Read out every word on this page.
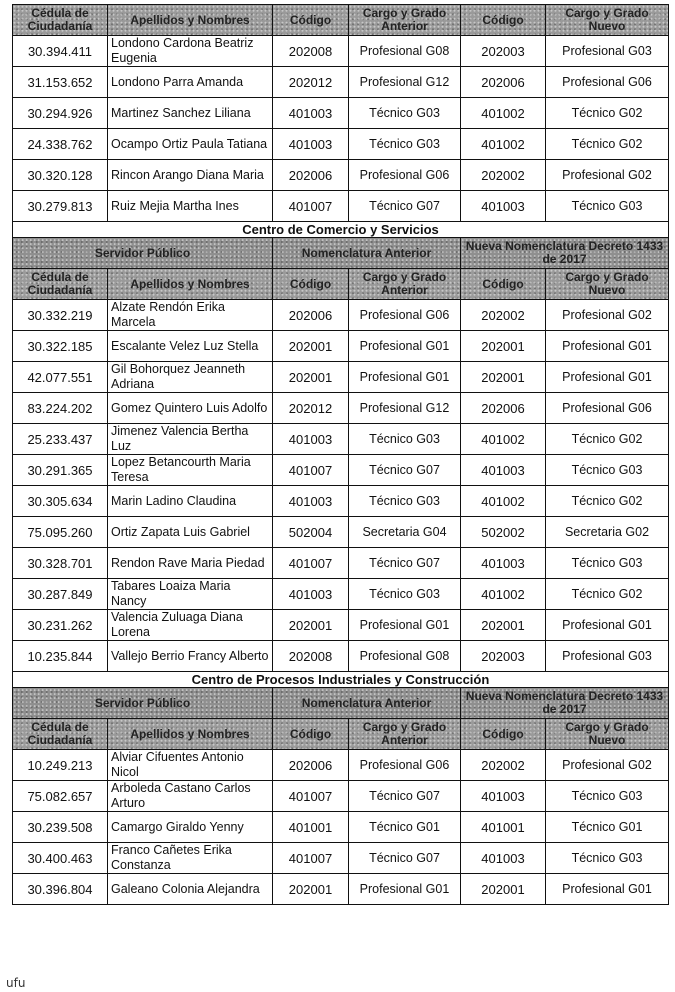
Cédula de Ciudadanía	Apellidos y Nombres	Código	Cargo y Grado Anterior	Código	Cargo y Grado Nuevo
30.394.411	Londono Cardona Beatriz Eugenia	202008	Profesional G08	202003	Profesional G03
31.153.652	Londono Parra Amanda	202012	Profesional G12	202006	Profesional G06
30.294.926	Martinez Sanchez Liliana	401003	Técnico G03	401002	Técnico G02
24.338.762	Ocampo Ortiz Paula Tatiana	401003	Técnico G03	401002	Técnico G02
30.320.128	Rincon Arango Diana Maria	202006	Profesional G06	202002	Profesional G02
30.279.813	Ruiz Mejia Martha Ines	401007	Técnico G07	401003	Técnico G03
Centro de Comercio y Servicios					
Servidor Público		Nomenclatura Anterior		Nueva Nomenclatura Decreto 1433 de 2017	
Cédula de Ciudadanía	Apellidos y Nombres	Código	Cargo y Grado Anterior	Código	Cargo y Grado Nuevo
30.332.219	Alzate Rendón Erika Marcela	202006	Profesional G06	202002	Profesional G02
30.322.185	Escalante Velez Luz Stella	202001	Profesional G01	202001	Profesional G01
42.077.551	Gil Bohorquez Jeanneth Adriana	202001	Profesional G01	202001	Profesional G01
83.224.202	Gomez Quintero Luis Adolfo	202012	Profesional G12	202006	Profesional G06
25.233.437	Jimenez Valencia Bertha Luz	401003	Técnico G03	401002	Técnico G02
30.291.365	Lopez Betancourth Maria Teresa	401007	Técnico G07	401003	Técnico G03
30.305.634	Marin Ladino Claudina	401003	Técnico G03	401002	Técnico G02
75.095.260	Ortiz Zapata Luis Gabriel	502004	Secretaria G04	502002	Secretaria G02
30.328.701	Rendon Rave Maria Piedad	401007	Técnico G07	401003	Técnico G03
30.287.849	Tabares Loaiza Maria Nancy	401003	Técnico G03	401002	Técnico G02
30.231.262	Valencia Zuluaga Diana Lorena	202001	Profesional G01	202001	Profesional G01
10.235.844	Vallejo Berrio Francy Alberto	202008	Profesional G08	202003	Profesional G03
Centro de Procesos Industriales y Construcción					
Servidor Público		Nomenclatura Anterior		Nueva Nomenclatura Decreto 1433 de 2017	
Cédula de Ciudadanía	Apellidos y Nombres	Código	Cargo y Grado Anterior	Código	Cargo y Grado Nuevo
10.249.213	Alviar Cifuentes Antonio Nicol	202006	Profesional G06	202002	Profesional G02
75.082.657	Arboleda Castano Carlos Arturo	401007	Técnico G07	401003	Técnico G03
30.239.508	Camargo Giraldo Yenny	401001	Técnico G01	401001	Técnico G01
30.400.463	Franco Cañetes Erika Constanza	401007	Técnico G07	401003	Técnico G03
30.396.804	Galeano Colonia Alejandra	202001	Profesional G01	202001	Profesional G01
ufu
